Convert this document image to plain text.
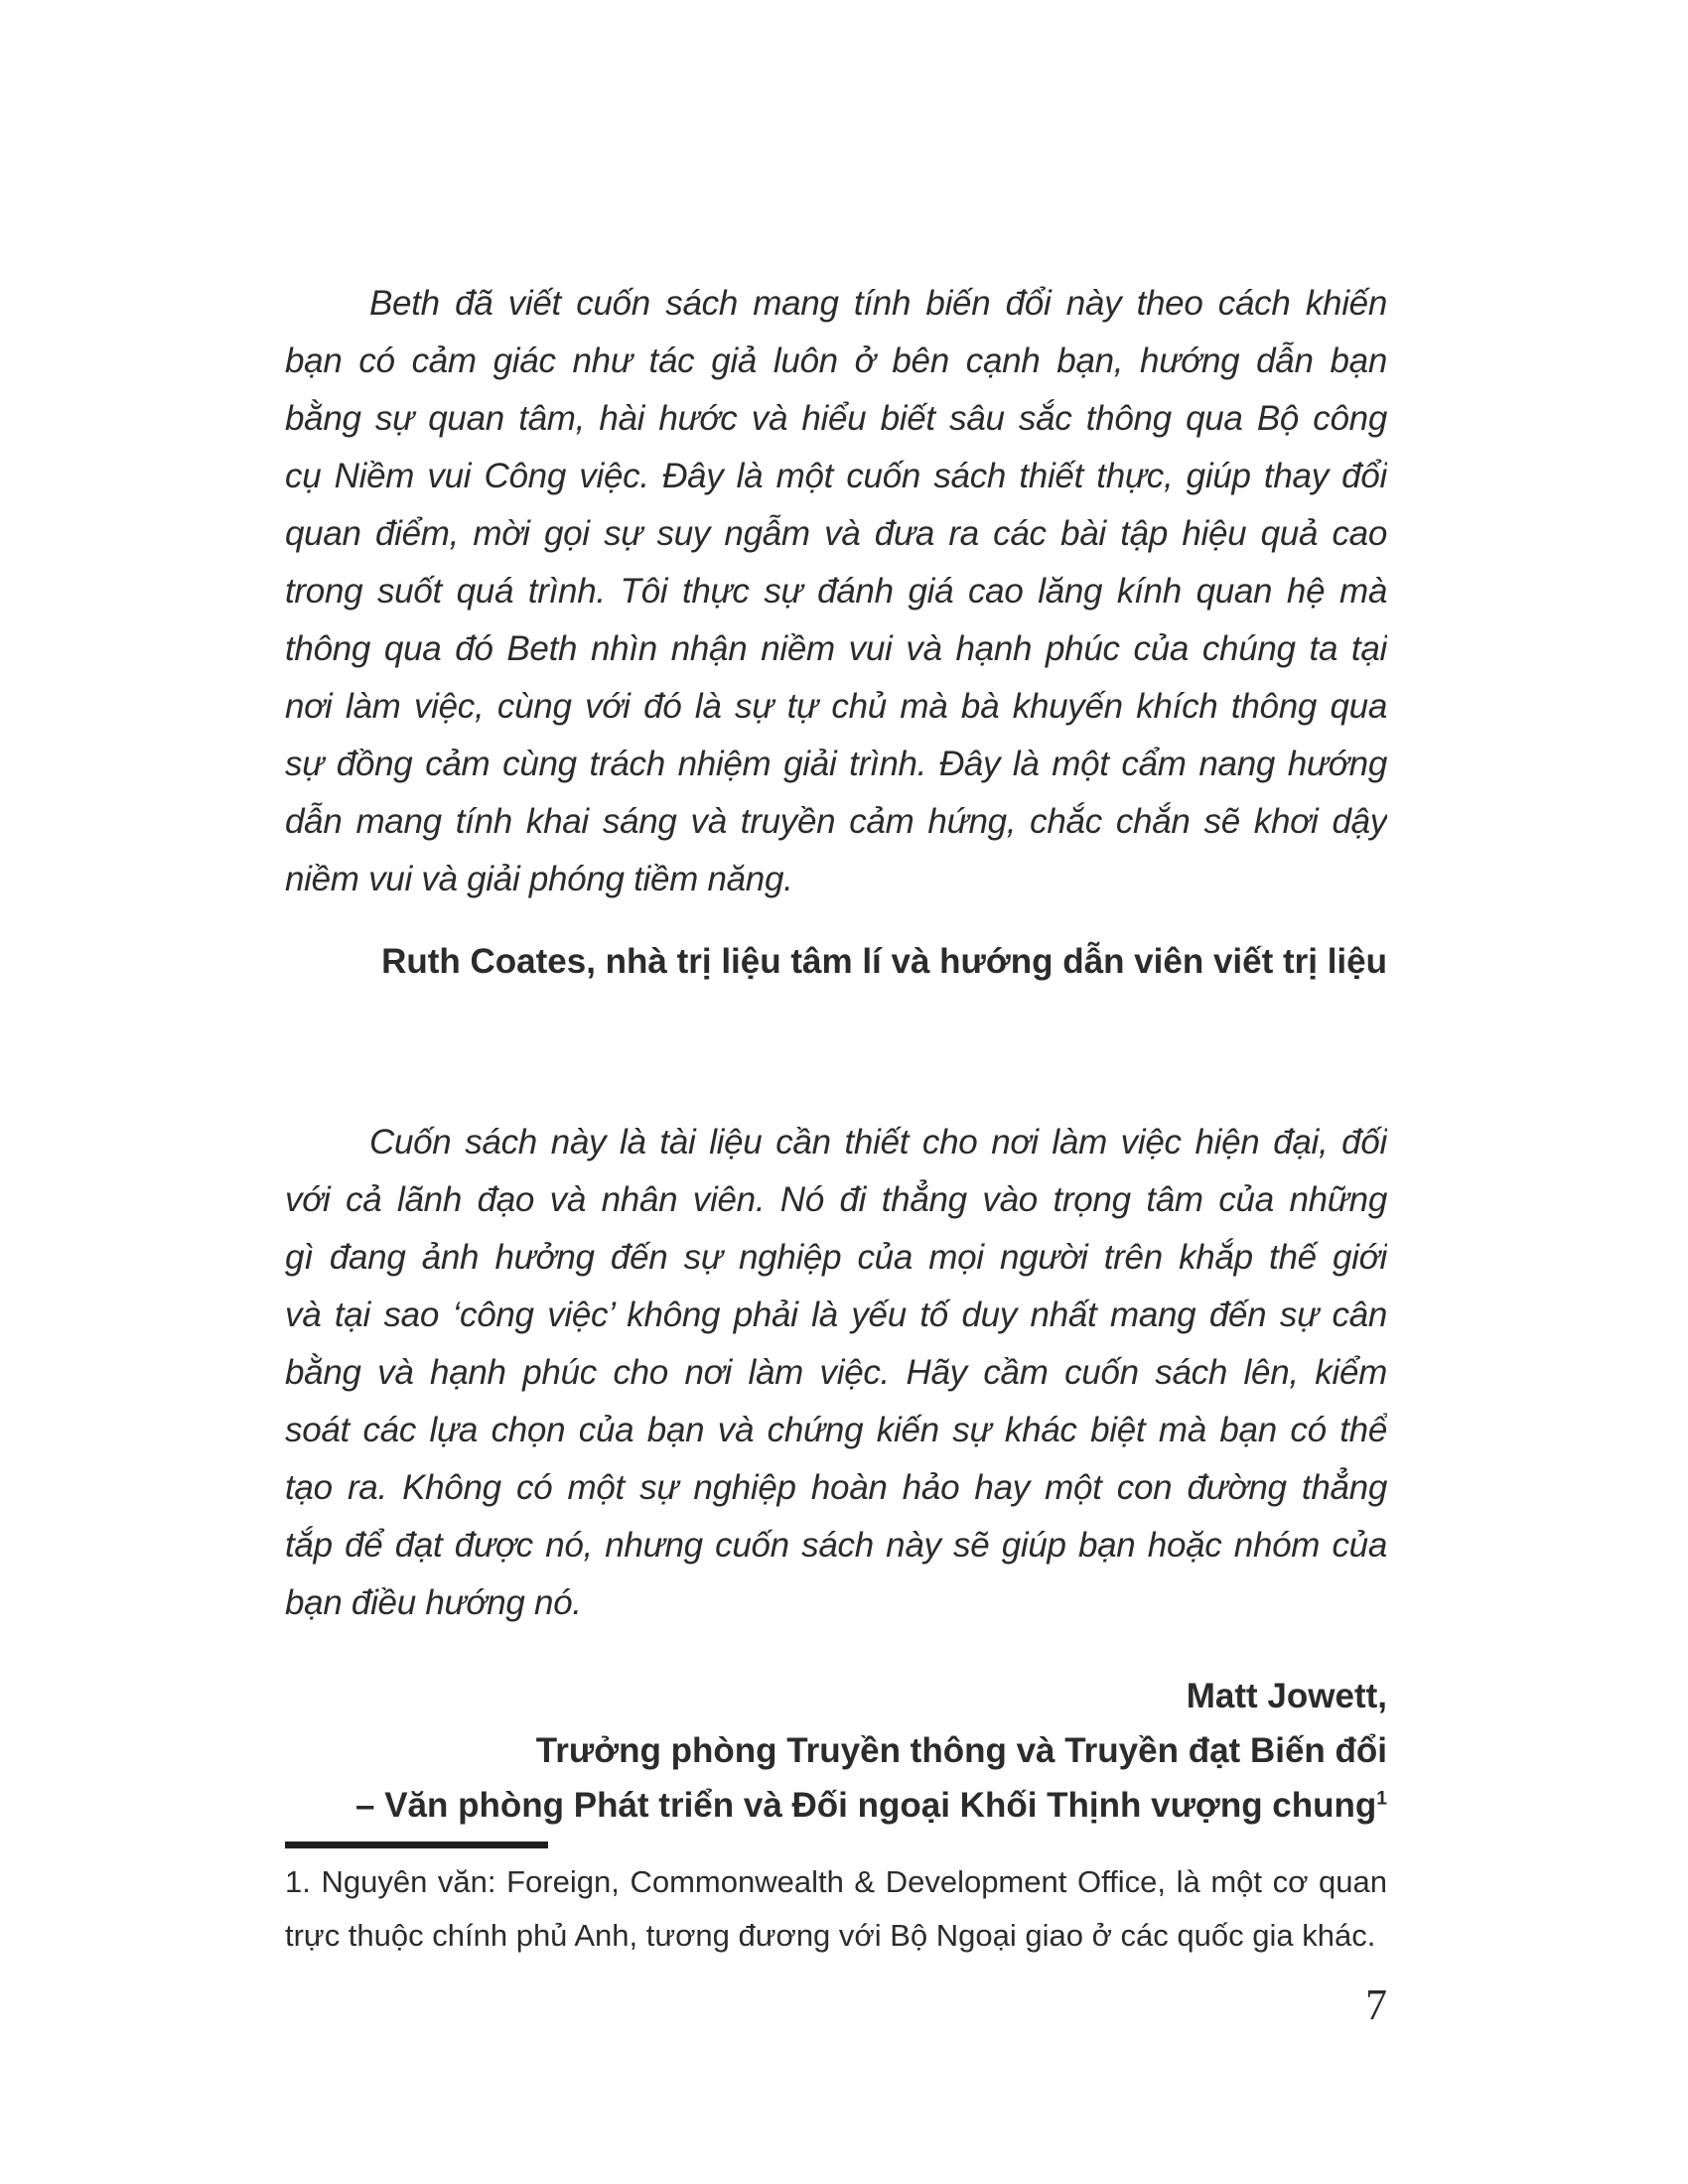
Beth đã viết cuốn sách mang tính biến đổi này theo cách khiến
bạn có cảm giác như tác giả luôn ở bên cạnh bạn, hướng dẫn bạn
bằng sự quan tâm, hài hước và hiểu biết sâu sắc thông qua Bộ công
cụ Niềm vui Công việc. Đây là một cuốn sách thiết thực, giúp thay đổi
quan điểm, mời gọi sự suy ngẫm và đưa ra các bài tập hiệu quả cao
trong suốt quá trình. Tôi thực sự đánh giá cao lăng kính quan hệ mà
thông qua đó Beth nhìn nhận niềm vui và hạnh phúc của chúng ta tại
nơi làm việc, cùng với đó là sự tự chủ mà bà khuyến khích thông qua
sự đồng cảm cùng trách nhiệm giải trình. Đây là một cẩm nang hướng
dẫn mang tính khai sáng và truyền cảm hứng, chắc chắn sẽ khơi dậy
niềm vui và giải phóng tiềm năng.
Ruth Coates, nhà trị liệu tâm lí và hướng dẫn viên viết trị liệu
Cuốn sách này là tài liệu cần thiết cho nơi làm việc hiện đại, đối
với cả lãnh đạo và nhân viên. Nó đi thẳng vào trọng tâm của những
gì đang ảnh hưởng đến sự nghiệp của mọi người trên khắp thế giới
và tại sao ‘công việc’ không phải là yếu tố duy nhất mang đến sự cân
bằng và hạnh phúc cho nơi làm việc. Hãy cầm cuốn sách lên, kiểm
soát các lựa chọn của bạn và chứng kiến sự khác biệt mà bạn có thể
tạo ra. Không có một sự nghiệp hoàn hảo hay một con đường thẳng
tắp để đạt được nó, nhưng cuốn sách này sẽ giúp bạn hoặc nhóm của
bạn điều hướng nó.
Matt Jowett,
Trưởng phòng Truyền thông và Truyền đạt Biến đổi
– Văn phòng Phát triển và Đối ngoại Khối Thịnh vượng chung$^1$
1. Nguyên văn: Foreign, Commonwealth & Development Office, là một cơ quan
trực thuộc chính phủ Anh, tương đương với Bộ Ngoại giao ở các quốc gia khác.
7
